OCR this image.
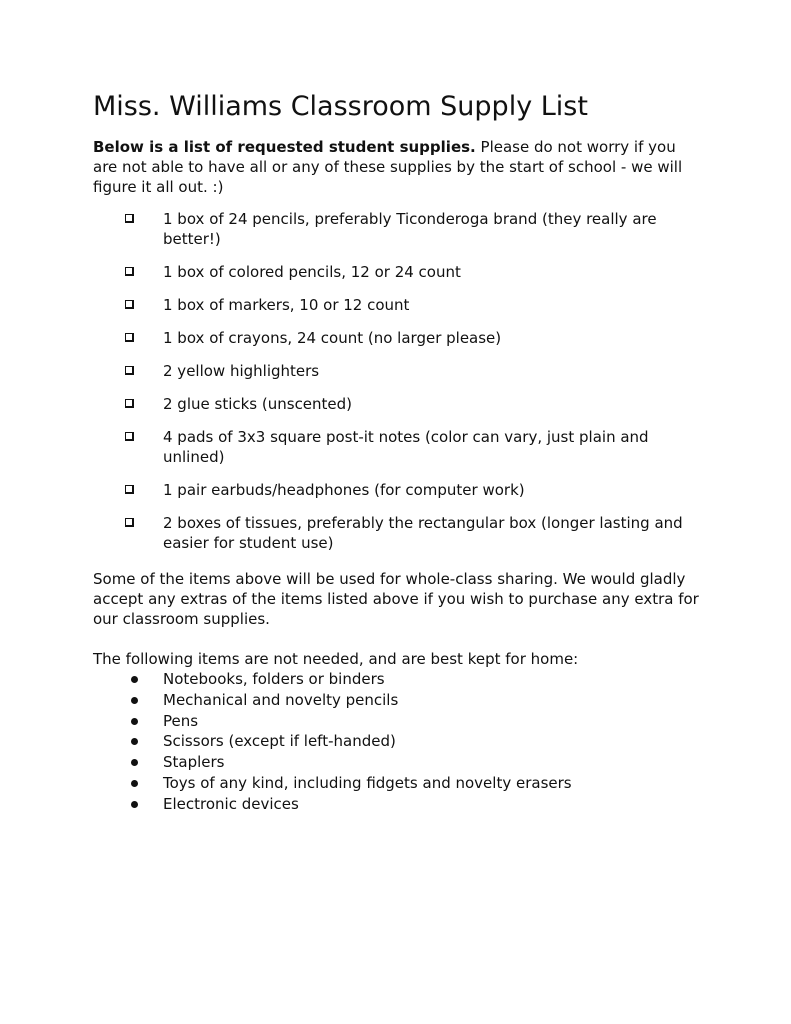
Miss. Williams Classroom Supply List

Below is a list of requested student supplies. Please do not worry if you are not able to have all or any of these supplies by the start of school - we will figure it all out. :)

1 box of 24 pencils, preferably Ticonderoga brand (they really are better!)
1 box of colored pencils, 12 or 24 count
1 box of markers, 10 or 12 count
1 box of crayons, 24 count (no larger please)
2 yellow highlighters
2 glue sticks (unscented)
4 pads of 3x3 square post-it notes (color can vary, just plain and unlined)
1 pair earbuds/headphones (for computer work)
2 boxes of tissues, preferably the rectangular box (longer lasting and easier for student use)

Some of the items above will be used for whole-class sharing. We would gladly accept any extras of the items listed above if you wish to purchase any extra for our classroom supplies.

The following items are not needed, and are best kept for home:

Notebooks, folders or binders
Mechanical and novelty pencils
Pens
Scissors (except if left-handed)
Staplers
Toys of any kind, including fidgets and novelty erasers
Electronic devices
